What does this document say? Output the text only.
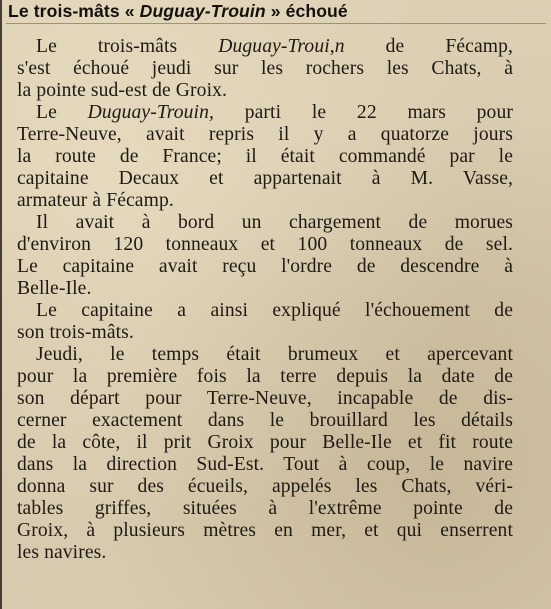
Le trois-mâts « Duguay-Trouin » échoué
Le trois-mâts Duguay-Troui,n de Fécamp,
s'est échoué jeudi sur les rochers les Chats, à
la pointe sud-est de Groix.
Le Duguay-Trouin, parti le 22 mars pour
Terre-Neuve, avait repris il y a quatorze jours
la route de France; il était commandé par le
capitaine Decaux et appartenait à M. Vasse,
armateur à Fécamp.
Il avait à bord un chargement de morues
d'environ 120 tonneaux et 100 tonneaux de sel.
Le capitaine avait reçu l'ordre de descendre à
Belle-Ile.
Le capitaine a ainsi expliqué l'échouement de
son trois-mâts.
Jeudi, le temps était brumeux et apercevant
pour la première fois la terre depuis la date de
son départ pour Terre-Neuve, incapable de dis-
cerner exactement dans le brouillard les détails
de la côte, il prit Groix pour Belle-Ile et fit route
dans la direction Sud-Est. Tout à coup, le navire
donna sur des écueils, appelés les Chats, véri-
tables griffes, situées à l'extrême pointe de
Groix, à plusieurs mètres en mer, et qui enserrent
les navires.
